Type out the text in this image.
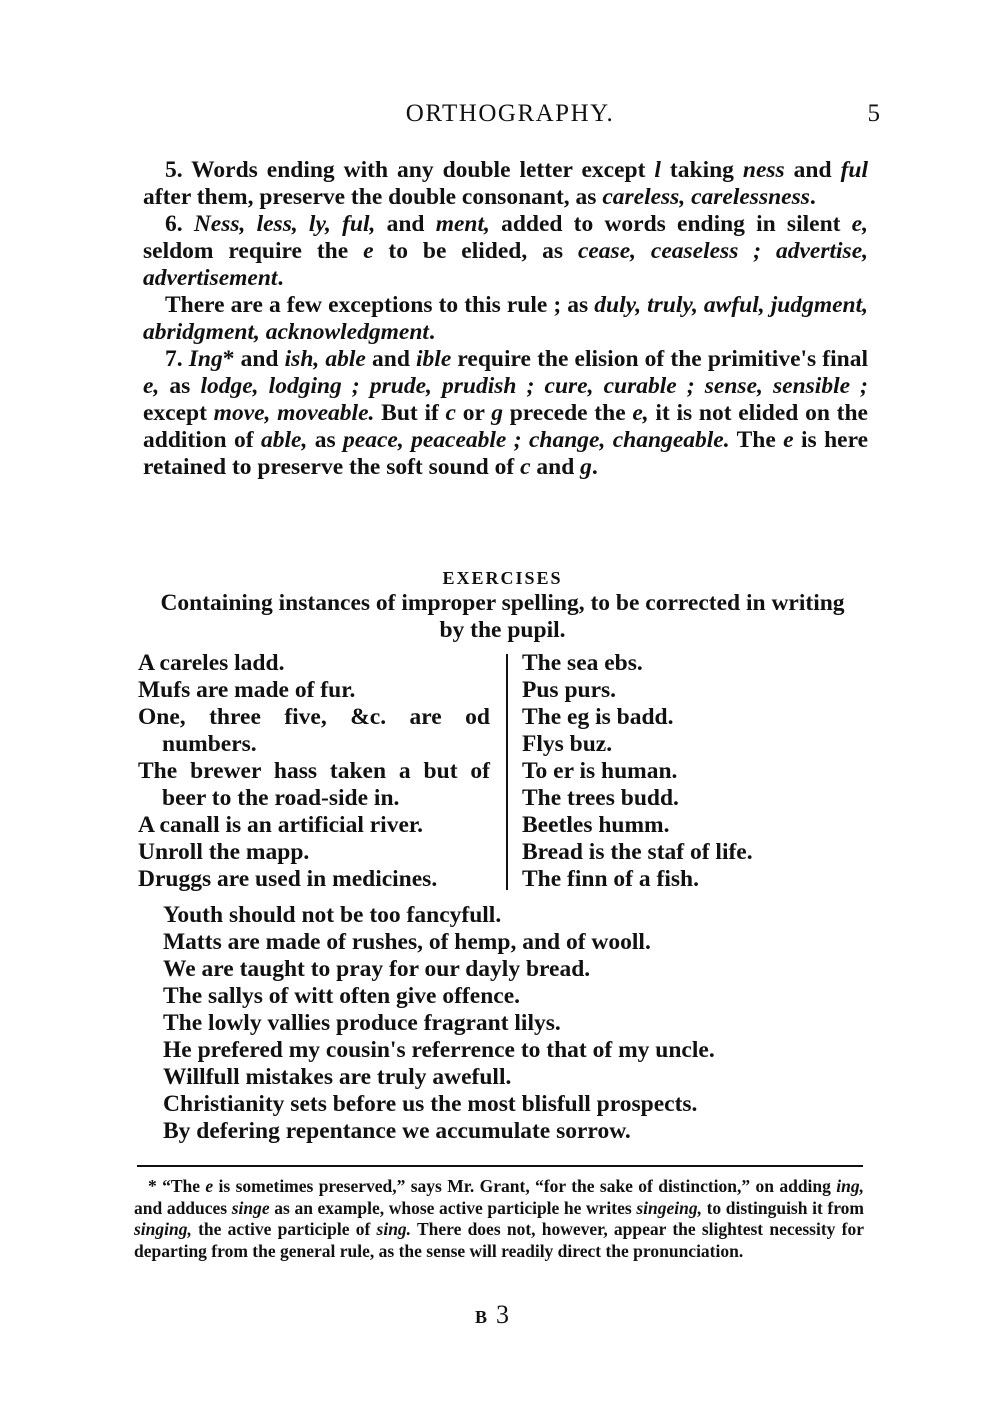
ORTHOGRAPHY.	5

5. Words ending with any double letter except l taking ness and ful after them, preserve the double consonant, as careless, carelessness.

6. Ness, less, ly, ful, and ment, added to words ending in silent e, seldom require the e to be elided, as cease, ceaseless ; advertise, advertisement.

There are a few exceptions to this rule ; as duly, truly, awful, judgment, abridgment, acknowledgment.

7. Ing* and ish, able and ible require the elision of the primitive's final e, as lodge, lodging ; prude, prudish ; cure, curable ; sense, sensible ; except move, moveable. But if c or g precede the e, it is not elided on the addition of able, as peace, peaceable ; change, changeable. The e is here retained to preserve the soft sound of c and g.

EXERCISES
Containing instances of improper spelling, to be corrected in writing by the pupil.

A careles ladd.

Mufs are made of fur.

One, three five, &c. are od numbers.

The brewer hass taken a but of beer to the road-side in.

A canall is an artificial river.

Unroll the mapp.

Druggs are used in medicines.

The sea ebs.

Pus purs.

The eg is badd.

Flys buz.

To er is human.

The trees budd.

Beetles humm.

Bread is the staf of life.

The finn of a fish.

Youth should not be too fancyfull.

Matts are made of rushes, of hemp, and of wooll.

We are taught to pray for our dayly bread.

The sallys of witt often give offence.

The lowly vallies produce fragrant lilys.

He prefered my cousin's referrence to that of my uncle.

Willfull mistakes are truly awefull.

Christianity sets before us the most blisfull prospects.

By defering repentance we accumulate sorrow.

* “The e is sometimes preserved,” says Mr. Grant, “for the sake of distinction,” on adding ing, and adduces singe as an example, whose active participle he writes singeing, to distinguish it from singing, the active participle of sing. There does not, however, appear the slightest necessity for departing from the general rule, as the sense will readily direct the pronunciation.

B 3
